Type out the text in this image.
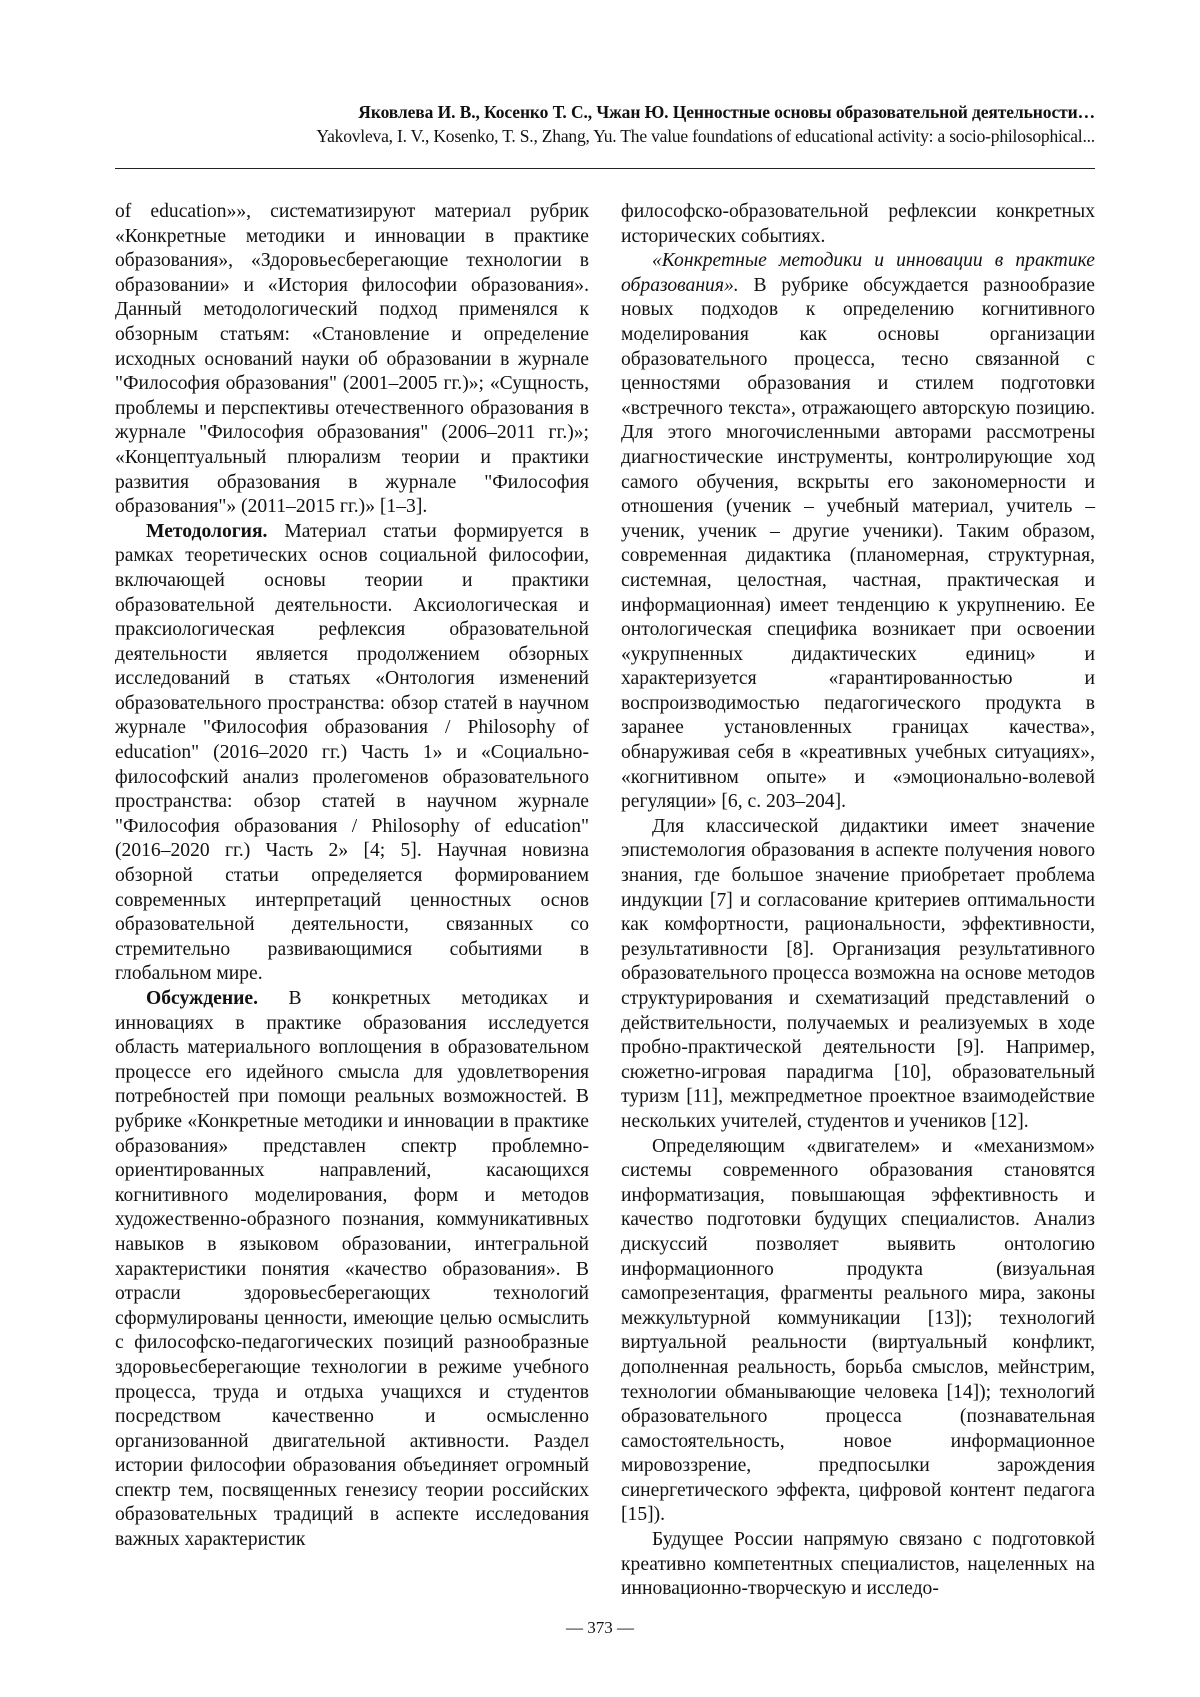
Яковлева И. В., Косенко Т. С., Чжан Ю. Ценностные основы образовательной деятельности…
Yakovleva, I. V., Kosenko, T. S., Zhang, Yu. The value foundations of educational activity: a socio-philosophical...

of education»», систематизируют материал рубрик «Конкретные методики и инновации в практике образования», «Здоровьесберегающие технологии в образовании» и «История философии образования». Данный методологический подход применялся к обзорным статьям: «Становление и определение исходных оснований науки об образовании в журнале "Философия образования" (2001–2005 гг.)»; «Сущность, проблемы и перспективы отечественного образования в журнале "Философия образования" (2006–2011 гг.)»; «Концептуальный плюрализм теории и практики развития образования в журнале "Философия образования"» (2011–2015 гг.)» [1–3].

Методология. Материал статьи формируется в рамках теоретических основ социальной философии, включающей основы теории и практики образовательной деятельности. Аксиологическая и праксиологическая рефлексия образовательной деятельности является продолжением обзорных исследований в статьях «Онтология изменений образовательного пространства: обзор статей в научном журнале "Философия образования / Philosophy of education" (2016–2020 гг.) Часть 1» и «Социально-философский анализ пролегоменов образовательного пространства: обзор статей в научном журнале "Философия образования / Philosophy of education" (2016–2020 гг.) Часть 2» [4; 5]. Научная новизна обзорной статьи определяется формированием современных интерпретаций ценностных основ образовательной деятельности, связанных со стремительно развивающимися событиями в глобальном мире.

Обсуждение. В конкретных методиках и инновациях в практике образования исследуется область материального воплощения в образовательном процессе его идейного смысла для удовлетворения потребностей при помощи реальных возможностей. В рубрике «Конкретные методики и инновации в практике образования» представлен спектр проблемно-ориентированных направлений, касающихся когнитивного моделирования, форм и методов художественно-образного познания, коммуникативных навыков в языковом образовании, интегральной характеристики понятия «качество образования». В отрасли здоровьесберегающих технологий сформулированы ценности, имеющие целью осмыслить с философско-педагогических позиций разнообразные здоровьесберегающие технологии в режиме учебного процесса, труда и отдыха учащихся и студентов посредством качественно и осмысленно организованной двигательной активности. Раздел истории философии образования объединяет огромный спектр тем, посвященных генезису теории российских образовательных традиций в аспекте исследования важных характеристик

философско-образовательной рефлексии конкретных исторических событиях.

«Конкретные методики и инновации в практике образования». В рубрике обсуждается разнообразие новых подходов к определению когнитивного моделирования как основы организации образовательного процесса, тесно связанной с ценностями образования и стилем подготовки «встречного текста», отражающего авторскую позицию. Для этого многочисленными авторами рассмотрены диагностические инструменты, контролирующие ход самого обучения, вскрыты его закономерности и отношения (ученик – учебный материал, учитель – ученик, ученик – другие ученики). Таким образом, современная дидактика (планомерная, структурная, системная, целостная, частная, практическая и информационная) имеет тенденцию к укрупнению. Ее онтологическая специфика возникает при освоении «укрупненных дидактических единиц» и характеризуется «гарантированностью и воспроизводимостью педагогического продукта в заранее установленных границах качества», обнаруживая себя в «креативных учебных ситуациях», «когнитивном опыте» и «эмоционально-волевой регуляции» [6, с. 203–204].

Для классической дидактики имеет значение эпистемология образования в аспекте получения нового знания, где большое значение приобретает проблема индукции [7] и согласование критериев оптимальности как комфортности, рациональности, эффективности, результативности [8]. Организация результативного образовательного процесса возможна на основе методов структурирования и схематизаций представлений о действительности, получаемых и реализуемых в ходе пробно-практической деятельности [9]. Например, сюжетно-игровая парадигма [10], образовательный туризм [11], межпредметное проектное взаимодействие нескольких учителей, студентов и учеников [12].

Определяющим «двигателем» и «механизмом» системы современного образования становятся информатизация, повышающая эффективность и качество подготовки будущих специалистов. Анализ дискуссий позволяет выявить онтологию информационного продукта (визуальная самопрезентация, фрагменты реального мира, законы межкультурной коммуникации [13]); технологий виртуальной реальности (виртуальный конфликт, дополненная реальность, борьба смыслов, мейнстрим, технологии обманывающие человека [14]); технологий образовательного процесса (познавательная самостоятельность, новое информационное мировоззрение, предпосылки зарождения синергетического эффекта, цифровой контент педагога [15]).

Будущее России напрямую связано с подготовкой креативно компетентных специалистов, нацеленных на инновационно-творческую и исследо-

— 373 —
